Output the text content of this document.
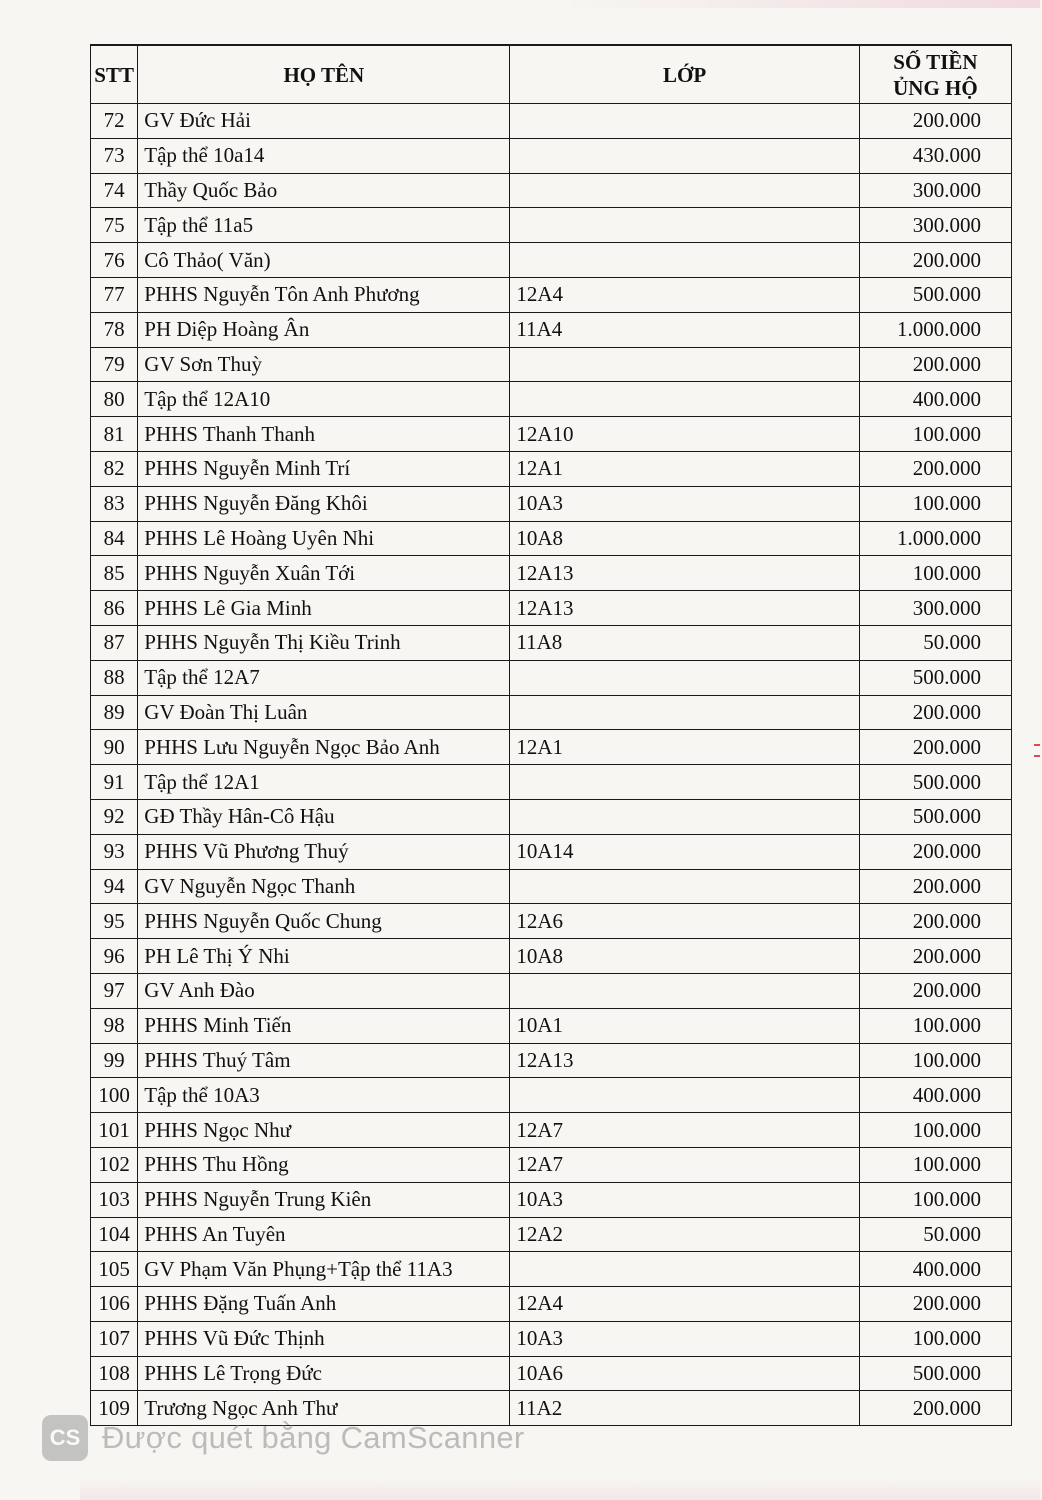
STT	HỌ TÊN	LỚP	SỐ TIỀN
ỦNG HỘ
72	GV Đức Hải		200.000
73	Tập thể 10a14		430.000
74	Thầy Quốc Bảo		300.000
75	Tập thể 11a5		300.000
76	Cô Thảo( Văn)		200.000
77	PHHS Nguyễn Tôn Anh Phương	12A4	500.000
78	PH Diệp Hoàng Ân	11A4	1.000.000
79	GV Sơn Thuỳ		200.000
80	Tập thể 12A10		400.000
81	PHHS Thanh Thanh	12A10	100.000
82	PHHS Nguyễn Minh Trí	12A1	200.000
83	PHHS Nguyễn Đăng Khôi	10A3	100.000
84	PHHS Lê Hoàng Uyên Nhi	10A8	1.000.000
85	PHHS Nguyễn Xuân Tới	12A13	100.000
86	PHHS Lê Gia Minh	12A13	300.000
87	PHHS Nguyễn Thị Kiều Trinh	11A8	50.000
88	Tập thể 12A7		500.000
89	GV Đoàn Thị Luân		200.000
90	PHHS Lưu Nguyễn Ngọc Bảo Anh	12A1	200.000
91	Tập thể 12A1		500.000
92	GĐ Thầy Hân-Cô Hậu		500.000
93	PHHS Vũ Phương Thuý	10A14	200.000
94	GV Nguyễn Ngọc Thanh		200.000
95	PHHS Nguyễn Quốc Chung	12A6	200.000
96	PH Lê Thị Ý Nhi	10A8	200.000
97	GV Anh Đào		200.000
98	PHHS Minh Tiến	10A1	100.000
99	PHHS Thuý Tâm	12A13	100.000
100	Tập thể 10A3		400.000
101	PHHS Ngọc Như	12A7	100.000
102	PHHS Thu Hồng	12A7	100.000
103	PHHS Nguyễn Trung Kiên	10A3	100.000
104	PHHS An Tuyên	12A2	50.000
105	GV Phạm Văn Phụng+Tập thể 11A3		400.000
106	PHHS Đặng Tuấn Anh	12A4	200.000
107	PHHS Vũ Đức Thịnh	10A3	100.000
108	PHHS Lê Trọng Đức	10A6	500.000
109	Trương Ngọc Anh Thư	11A2	200.000
CS Được quét bằng CamScanner
